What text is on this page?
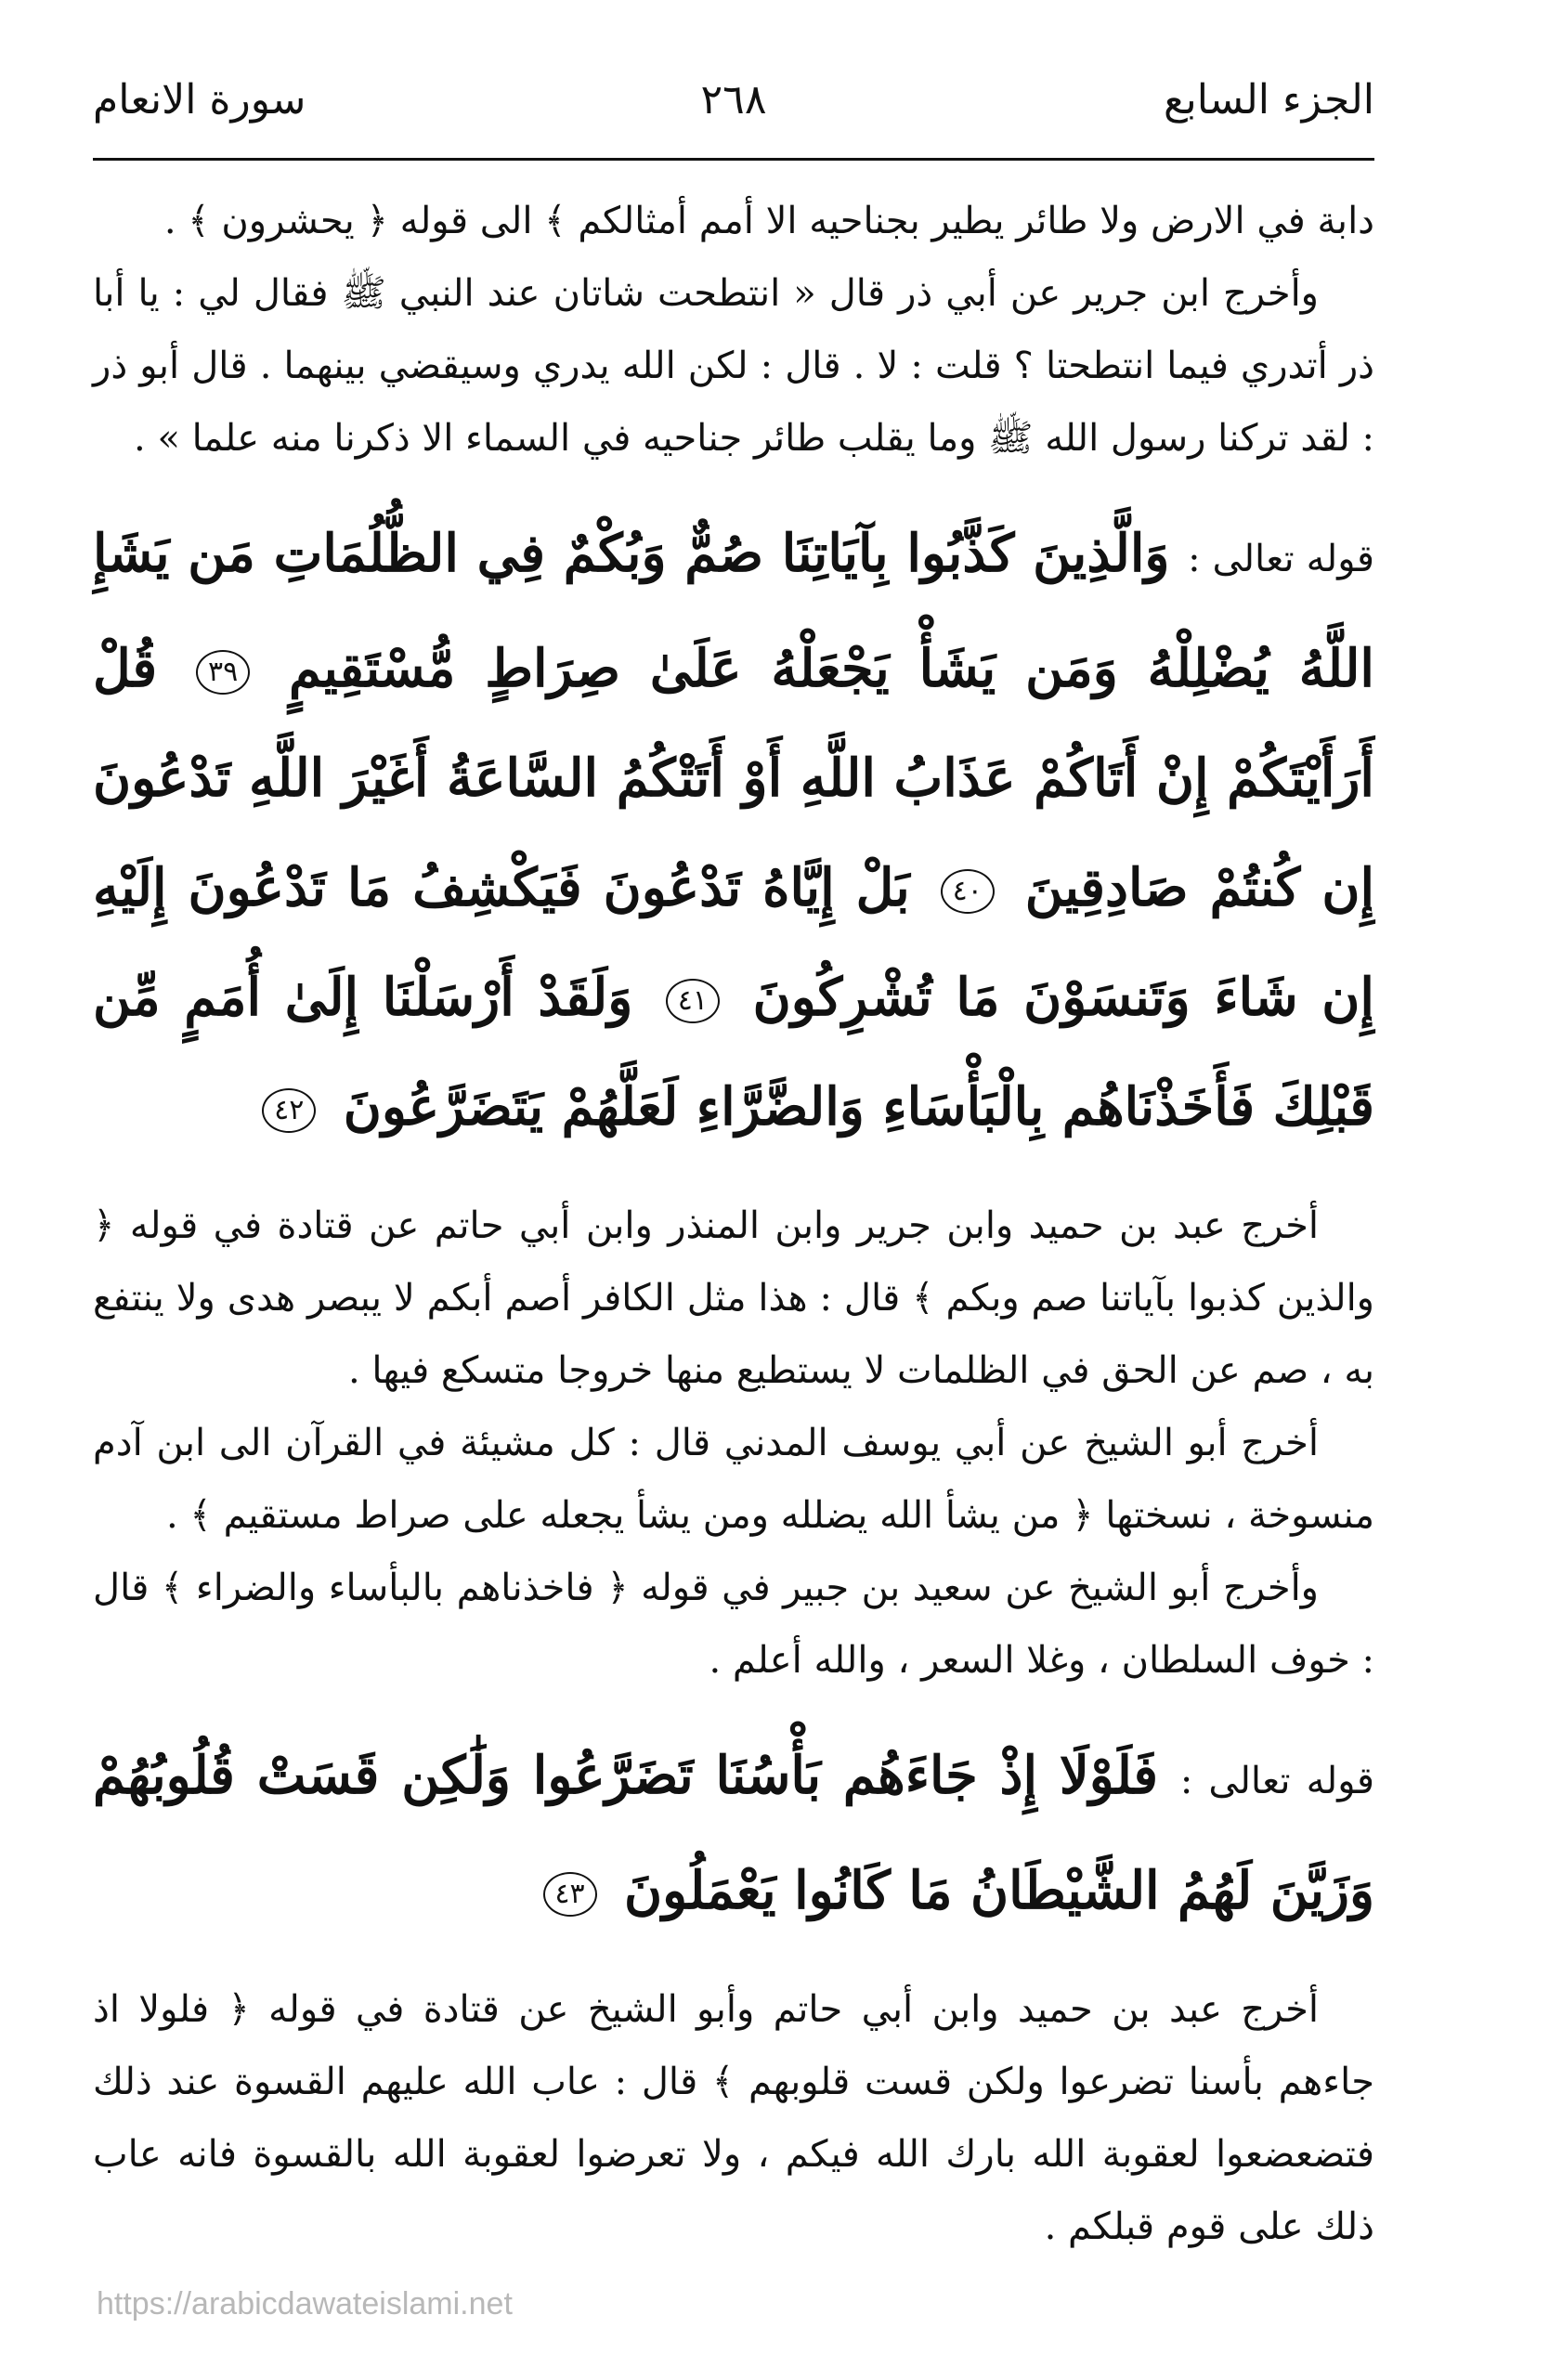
الجزء السابع
٢٦٨
سورة الانعام

دابة في الارض ولا طائر يطير بجناحيه الا أمم أمثالكم ﴾ الى قوله ﴿ يحشرون ﴾ .

وأخرج ابن جرير عن أبي ذر قال « انتطحت شاتان عند النبي ﷺ فقال لي : يا أبا ذر أتدري فيما انتطحتا ؟ قلت : لا . قال : لكن الله يدري وسيقضي بينهما . قال أبو ذر : لقد تركنا رسول الله ﷺ وما يقلب طائر جناحيه في السماء الا ذكرنا منه علما » .

قوله تعالى : وَالَّذِينَ كَذَّبُوا بِآيَاتِنَا صُمٌّ وَبُكْمٌ فِي الظُّلُمَاتِ مَن يَشَإِ اللَّهُ يُضْلِلْهُ وَمَن يَشَأْ يَجْعَلْهُ عَلَىٰ صِرَاطٍ مُّسْتَقِيمٍ ٣٩ قُلْ أَرَأَيْتَكُمْ إِنْ أَتَاكُمْ عَذَابُ اللَّهِ أَوْ أَتَتْكُمُ السَّاعَةُ أَغَيْرَ اللَّهِ تَدْعُونَ إِن كُنتُمْ صَادِقِينَ ٤٠ بَلْ إِيَّاهُ تَدْعُونَ فَيَكْشِفُ مَا تَدْعُونَ إِلَيْهِ إِن شَاءَ وَتَنسَوْنَ مَا تُشْرِكُونَ ٤١ وَلَقَدْ أَرْسَلْنَا إِلَىٰ أُمَمٍ مِّن قَبْلِكَ فَأَخَذْنَاهُم بِالْبَأْسَاءِ وَالضَّرَّاءِ لَعَلَّهُمْ يَتَضَرَّعُونَ ٤٢

أخرج عبد بن حميد وابن جرير وابن المنذر وابن أبي حاتم عن قتادة في قوله ﴿ والذين كذبوا بآياتنا صم وبكم ﴾ قال : هذا مثل الكافر أصم أبكم لا يبصر هدى ولا ينتفع به ، صم عن الحق في الظلمات لا يستطيع منها خروجا متسكع فيها .

أخرج أبو الشيخ عن أبي يوسف المدني قال : كل مشيئة في القرآن الى ابن آدم منسوخة ، نسختها ﴿ من يشأ الله يضلله ومن يشأ يجعله على صراط مستقيم ﴾ .

وأخرج أبو الشيخ عن سعيد بن جبير في قوله ﴿ فاخذناهم بالبأساء والضراء ﴾ قال : خوف السلطان ، وغلا السعر ، والله أعلم .

قوله تعالى : فَلَوْلَا إِذْ جَاءَهُم بَأْسُنَا تَضَرَّعُوا وَلَٰكِن قَسَتْ قُلُوبُهُمْ وَزَيَّنَ لَهُمُ الشَّيْطَانُ مَا كَانُوا يَعْمَلُونَ ٤٣

أخرج عبد بن حميد وابن أبي حاتم وأبو الشيخ عن قتادة في قوله ﴿ فلولا اذ جاءهم بأسنا تضرعوا ولكن قست قلوبهم ﴾ قال : عاب الله عليهم القسوة عند ذلك فتضعضعوا لعقوبة الله بارك الله فيكم ، ولا تعرضوا لعقوبة الله بالقسوة فانه عاب ذلك على قوم قبلكم .

https://arabicdawateislami.net
